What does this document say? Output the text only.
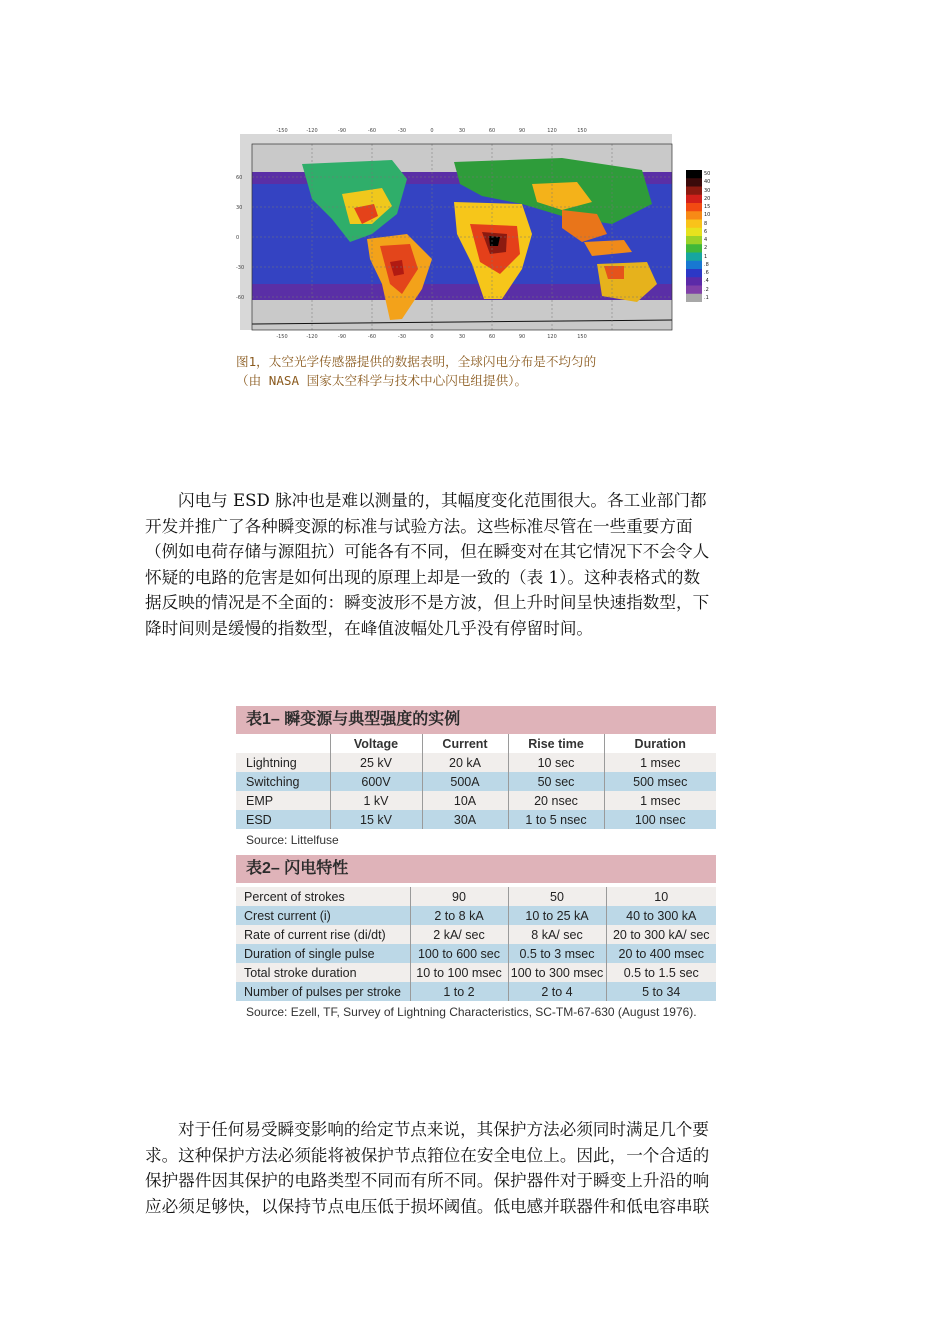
-150	-120	-90	-60	-30	0	30	60	90	120	150
-150	-120	-90	-60	-30	0	30	60	90	120	150
60
30
0
-30
-60
50
40
30
20
15
10
8
6
4
2
1
.8
.6
.4
.2
.1
图1，太空光学传感器提供的数据表明，全球闪电分布是不均匀的
（由 NASA 国家太空科学与技术中心闪电组提供）。
闪电与 ESD 脉冲也是难以测量的，其幅度变化范围很大。各工业部门都
开发并推广了各种瞬变源的标准与试验方法。这些标准尽管在一些重要方面
（例如电荷存储与源阻抗）可能各有不同，但在瞬变对在其它情况下不会令人
怀疑的电路的危害是如何出现的原理上却是一致的（表 1）。这种表格式的数
据反映的情况是不全面的：瞬变波形不是方波，但上升时间呈快速指数型，下
降时间则是缓慢的指数型，在峰值波幅处几乎没有停留时间。
表1– 瞬变源与典型强度的实例
	Voltage	Current	Rise time	Duration
Lightning	25 kV	20 kA	10 sec	1 msec
Switching	600V	500A	50 sec	500 msec
EMP	1 kV	10A	20 nsec	1 msec
ESD	15 kV	30A	1 to 5 nsec	100 nsec
Source: Littelfuse
表2– 闪电特性
Percent of strokes	90	50	10
Crest current (i)	2 to 8 kA	10 to 25 kA	40 to 300 kA
Rate of current rise (di/dt)	2 kA/ sec	8 kA/ sec	20 to 300 kA/ sec
Duration of single pulse	100 to 600 sec	0.5 to 3 msec	20 to 400 msec
Total stroke duration	10 to 100 msec	100 to 300 msec	0.5 to 1.5 sec
Number of pulses per stroke	1 to 2	2 to 4	5 to 34
Source: Ezell, TF, Survey of Lightning Characteristics, SC-TM-67-630 (August 1976).
对于任何易受瞬变影响的给定节点来说，其保护方法必须同时满足几个要
求。这种保护方法必须能将被保护节点箝位在安全电位上。因此，一个合适的
保护器件因其保护的电路类型不同而有所不同。保护器件对于瞬变上升沿的响
应必须足够快，以保持节点电压低于损坏阈值。低电感并联器件和低电容串联
